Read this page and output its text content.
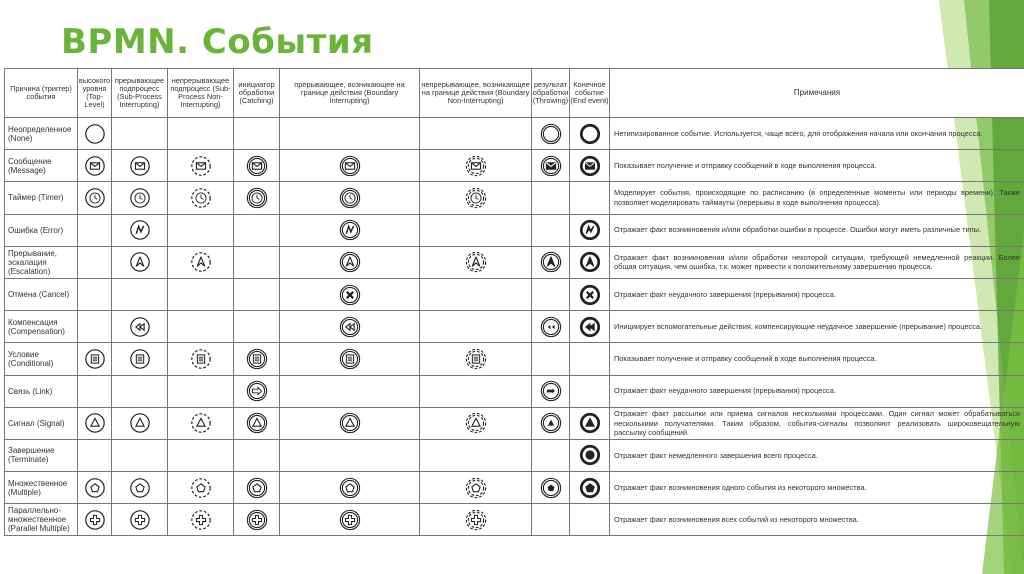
BPMN. События
Причина (триггер) события	высокого уровня (Top-Level)	прерывающее подпроцесс (Sub-Process Interrupting)	непрерывающее подпроцесс (Sub-Process Non-Interrupting)	инициатор обработки (Catching)	прерывающее, возникающее на границе действия (Boundary Interrupting)	непрерывающее, возникающее на границе действия (Boundary Non-Interrupting)	результат обработки (Throwing)	Конечное событие (End event)	Примечания
Неопределенное (None)									Нетипизированное событие. Используется, чаще всего, для отображения начала или окончания процесса.
Сообщение (Message)									Показывает получение и отправку сообщений в ходе выполнения процесса.
Таймер (Timer)									Моделирует события, происходящие по расписанию (в определенные моменты или периоды времени). Также позволяет моделировать таймауты (перерывы в ходе выполнения процесса).
Ошибка (Error)									Отражает факт возникновения и/или обработки ошибки в процессе. Ошибки могут иметь различные типы.
Прерывание, эскалация (Escalation)									Отражает факт возникновения и/или обработки некоторой ситуации, требующей немедленной реакции. Более общая ситуация, чем ошибка, т.к. может привести к положительному завершению процесса.
Отмена (Cancel)									Отражает факт неудачного завершения (прерывания) процесса.
Компенсация (Compensation)									Инициирует вспомогательные действия, компенсирующие неудачное завершение (прерывание) процесса.
Условие (Conditional)									Показывает получение и отправку сообщений в ходе выполнения процесса.
Связь (Link)									Отражает факт неудачного завершения (прерывания) процесса.
Сигнал (Signal)									Отражает факт рассылки или приема сигналов несколькими процессами. Один сигнал может обрабатываться несколькими получателями. Таким образом, события-сигналы позволяют реализовать широковещательную рассылку сообщений.
Завершение (Terminate)									Отражает факт немедленного завершения всего процесса.
Множественное (Multiple)									Отражает факт возникновения одного события из некоторого множества.
Параллельно-множественное (Parallel Multiple)									Отражает факт возникновения всех событий из некоторого множества.
